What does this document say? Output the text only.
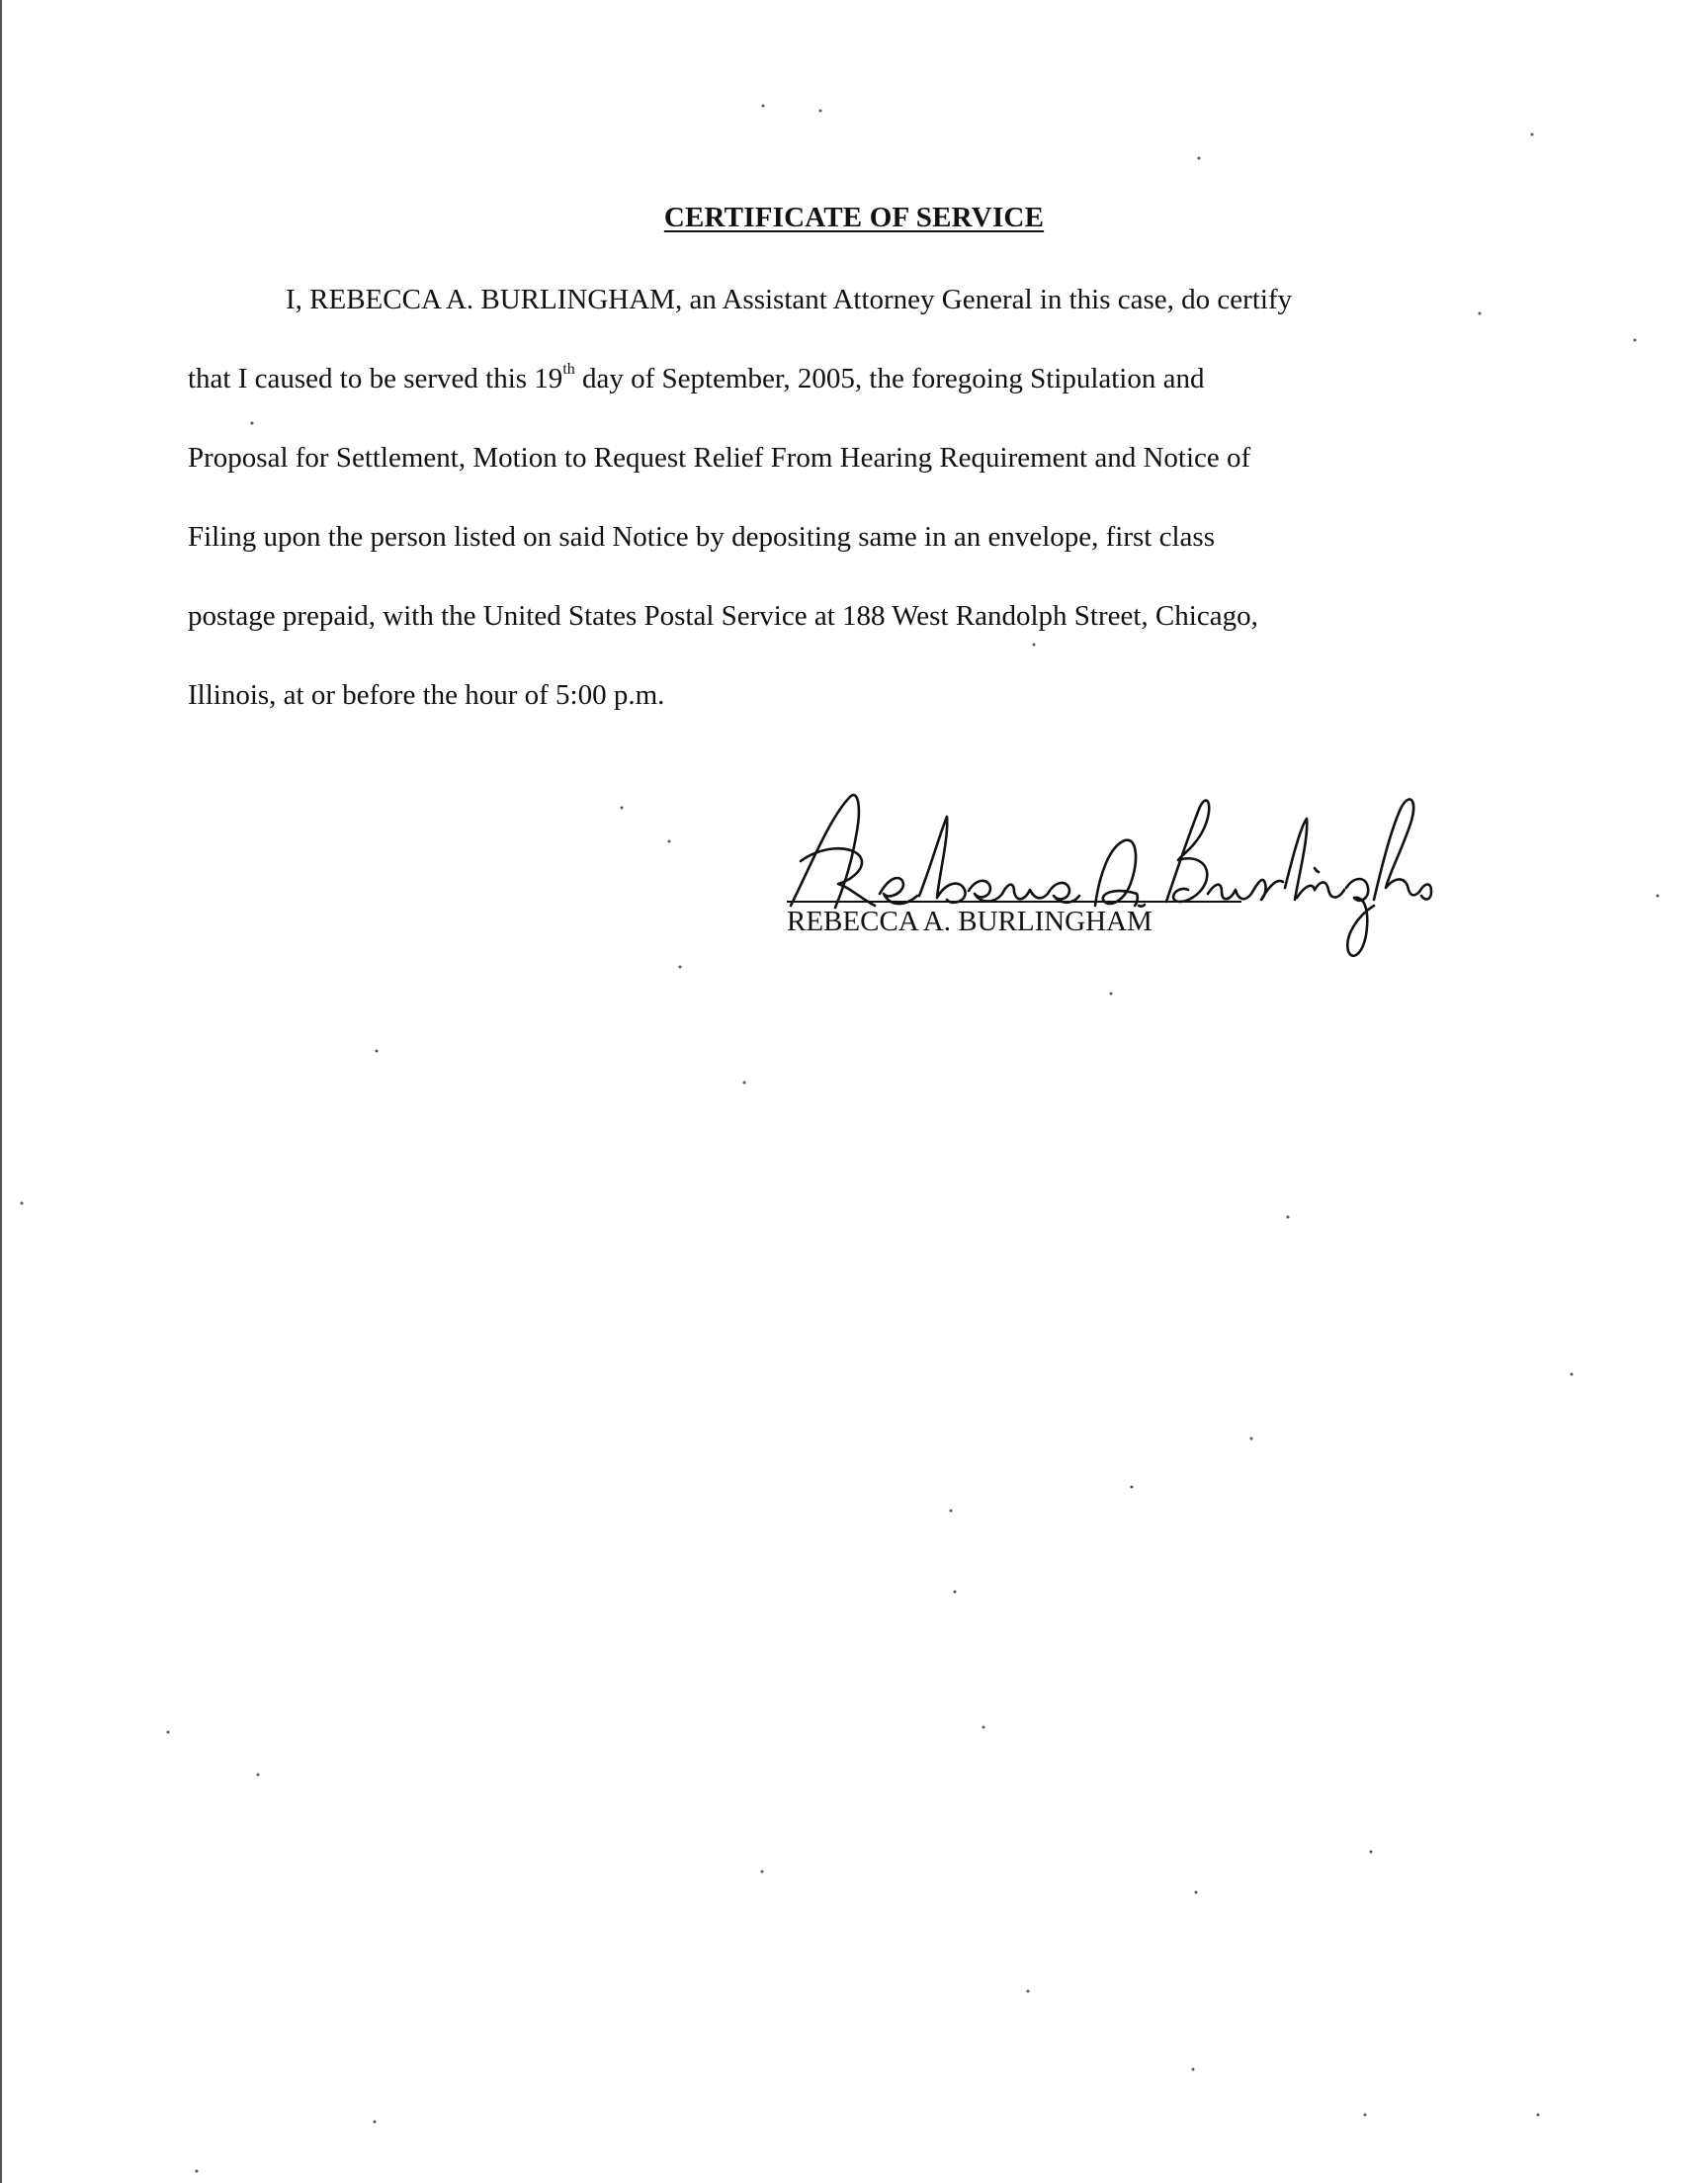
CERTIFICATE OF SERVICE
I, REBECCA A. BURLINGHAM, an Assistant Attorney General in this case, do certify
that I caused to be served this 19th day of September, 2005, the foregoing Stipulation and
Proposal for Settlement, Motion to Request Relief From Hearing Requirement and Notice of
Filing upon the person listed on said Notice by depositing same in an envelope, first class
postage prepaid, with the United States Postal Service at 188 West Randolph Street, Chicago,
Illinois, at or before the hour of 5:00 p.m.
REBECCA A. BURLINGHAM
